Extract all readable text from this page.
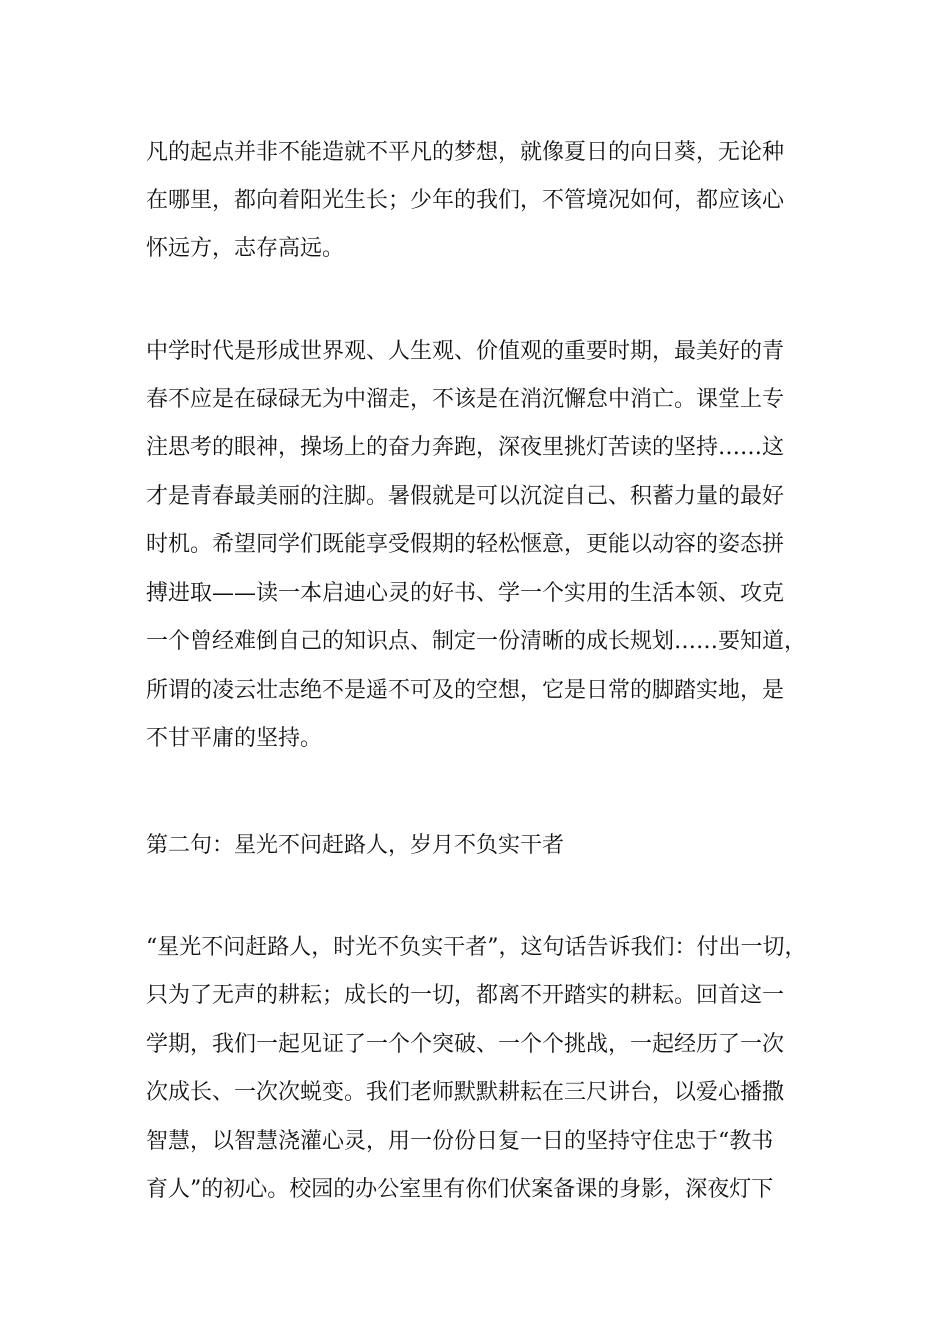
凡的起点并非不能造就不平凡的梦想，就像夏日的向日葵，无论种

在哪里，都向着阳光生长；少年的我们，不管境况如何，都应该心

怀远方，志存高远。

中学时代是形成世界观、人生观、价值观的重要时期，最美好的青

春不应是在碌碌无为中溜走，不该是在消沉懈怠中消亡。课堂上专

注思考的眼神，操场上的奋力奔跑，深夜里挑灯苦读的坚持……这

才是青春最美丽的注脚。暑假就是可以沉淀自己、积蓄力量的最好

时机。希望同学们既能享受假期的轻松惬意，更能以动容的姿态拼

搏进取——读一本启迪心灵的好书、学一个实用的生活本领、攻克

一个曾经难倒自己的知识点、制定一份清晰的成长规划……要知道，

所谓的凌云壮志绝不是遥不可及的空想，它是日常的脚踏实地，是

不甘平庸的坚持。

第二句：星光不问赶路人，岁月不负实干者

“星光不问赶路人，时光不负实干者”，这句话告诉我们：付出一切，

只为了无声的耕耘；成长的一切，都离不开踏实的耕耘。回首这一

学期，我们一起见证了一个个突破、一个个挑战，一起经历了一次

次成长、一次次蜕变。我们老师默默耕耘在三尺讲台，以爱心播撒

智慧，以智慧浇灌心灵，用一份份日复一日的坚持守住忠于“教书

育人”的初心。校园的办公室里有你们伏案备课的身影，深夜灯下
